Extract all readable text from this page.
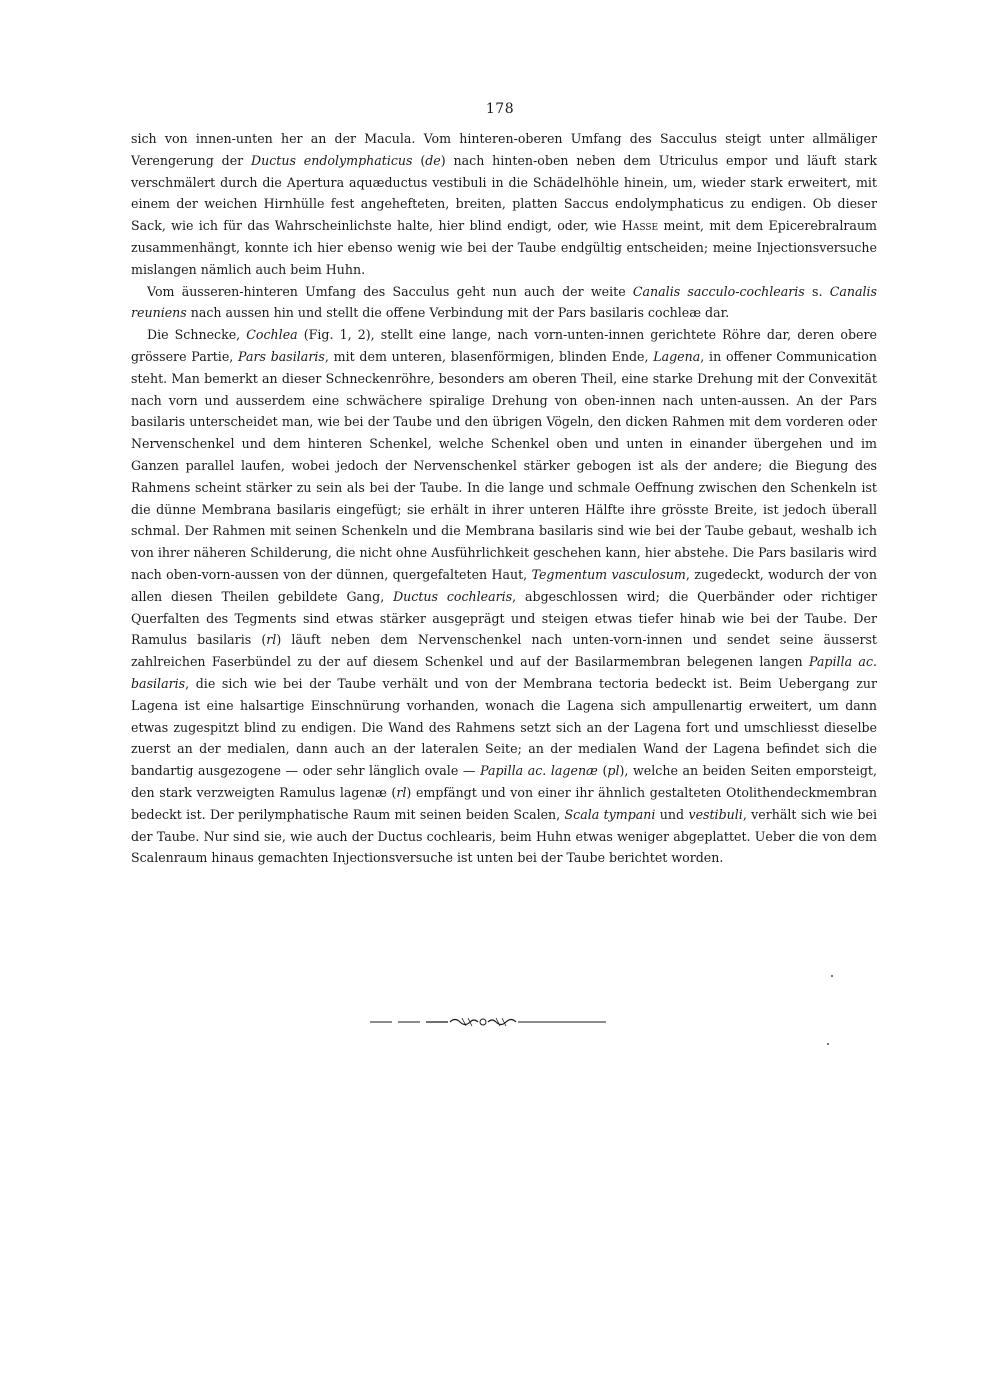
178

sich von innen-unten her an der Macula. Vom hinteren-oberen Umfang des Sacculus steigt unter allmäliger Verengerung der Ductus endolymphaticus (de) nach hinten-oben neben dem Utriculus empor und läuft stark verschmälert durch die Apertura aquæductus vestibuli in die Schädelhöhle hinein, um, wieder stark erweitert, mit einem der weichen Hirnhülle fest angehefteten, breiten, platten Saccus endolymphaticus zu endigen. Ob dieser Sack, wie ich für das Wahrscheinlichste halte, hier blind endigt, oder, wie Hasse meint, mit dem Epicerebralraum zusammenhängt, konnte ich hier ebenso wenig wie bei der Taube endgültig entscheiden; meine Injectionsversuche mislangen nämlich auch beim Huhn.

Vom äusseren-hinteren Umfang des Sacculus geht nun auch der weite Canalis sacculo-cochlearis s. Canalis reuniens nach aussen hin und stellt die offene Verbindung mit der Pars basilaris cochleæ dar.

Die Schnecke, Cochlea (Fig. 1, 2), stellt eine lange, nach vorn-unten-innen gerichtete Röhre dar, deren obere grössere Partie, Pars basilaris, mit dem unteren, blasenförmigen, blinden Ende, Lagena, in offener Communication steht. Man bemerkt an dieser Schneckenröhre, besonders am oberen Theil, eine starke Drehung mit der Convexität nach vorn und ausserdem eine schwächere spiralige Drehung von oben-innen nach unten-aussen. An der Pars basilaris unterscheidet man, wie bei der Taube und den übrigen Vögeln, den dicken Rahmen mit dem vorderen oder Nervenschenkel und dem hinteren Schenkel, welche Schenkel oben und unten in einander übergehen und im Ganzen parallel laufen, wobei jedoch der Nervenschenkel stärker gebogen ist als der andere; die Biegung des Rahmens scheint stärker zu sein als bei der Taube. In die lange und schmale Oeffnung zwischen den Schenkeln ist die dünne Membrana basilaris eingefügt; sie erhält in ihrer unteren Hälfte ihre grösste Breite, ist jedoch überall schmal. Der Rahmen mit seinen Schenkeln und die Membrana basilaris sind wie bei der Taube gebaut, weshalb ich von ihrer näheren Schilderung, die nicht ohne Ausführlichkeit geschehen kann, hier abstehe. Die Pars basilaris wird nach oben-vorn-aussen von der dünnen, quergefalteten Haut, Tegmentum vasculosum, zugedeckt, wodurch der von allen diesen Theilen gebildete Gang, Ductus cochlearis, abgeschlossen wird; die Querbänder oder richtiger Querfalten des Tegments sind etwas stärker ausgeprägt und steigen etwas tiefer hinab wie bei der Taube. Der Ramulus basilaris (rl) läuft neben dem Nervenschenkel nach unten-vorn-innen und sendet seine äusserst zahlreichen Faserbündel zu der auf diesem Schenkel und auf der Basilarmembran belegenen langen Papilla ac. basilaris, die sich wie bei der Taube verhält und von der Membrana tectoria bedeckt ist. Beim Uebergang zur Lagena ist eine halsartige Einschnürung vorhanden, wonach die Lagena sich ampullenartig erweitert, um dann etwas zugespitzt blind zu endigen. Die Wand des Rahmens setzt sich an der Lagena fort und umschliesst dieselbe zuerst an der medialen, dann auch an der lateralen Seite; an der medialen Wand der Lagena befindet sich die bandartig ausgezogene — oder sehr länglich ovale — Papilla ac. lagenæ (pl), welche an beiden Seiten emporsteigt, den stark verzweigten Ramulus lagenæ (rl) empfängt und von einer ihr ähnlich gestalteten Otolithendeckmembran bedeckt ist. Der perilymphatische Raum mit seinen beiden Scalen, Scala tympani und vestibuli, verhält sich wie bei der Taube. Nur sind sie, wie auch der Ductus cochlearis, beim Huhn etwas weniger abgeplattet. Ueber die von dem Scalenraum hinaus gemachten Injectionsversuche ist unten bei der Taube berichtet worden.
